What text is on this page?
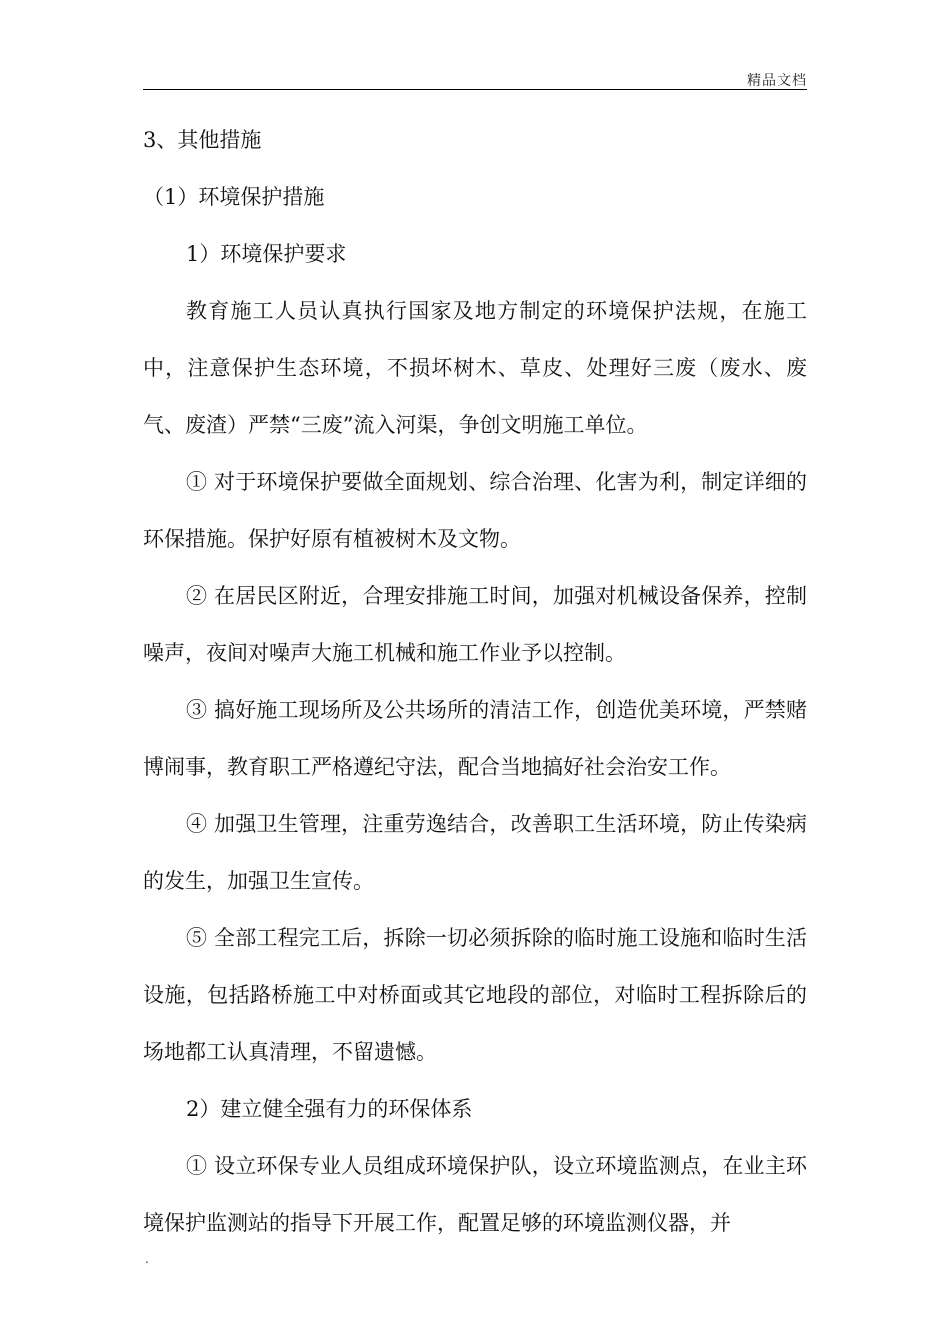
精品文档

3、其他措施

（1）环境保护措施

1）环境保护要求

教育施工人员认真执行国家及地方制定的环境保护法规，在施工中，注意保护生态环境，不损坏树木、草皮、处理好三废（废水、废气、废渣）严禁“三废”流入河渠，争创文明施工单位。

① 对于环境保护要做全面规划、综合治理、化害为利，制定详细的环保措施。保护好原有植被树木及文物。

② 在居民区附近，合理安排施工时间，加强对机械设备保养，控制噪声，夜间对噪声大施工机械和施工作业予以控制。

③ 搞好施工现场所及公共场所的清洁工作，创造优美环境，严禁赌博闹事，教育职工严格遵纪守法，配合当地搞好社会治安工作。

④ 加强卫生管理，注重劳逸结合，改善职工生活环境，防止传染病的发生，加强卫生宣传。

⑤ 全部工程完工后，拆除一切必须拆除的临时施工设施和临时生活设施，包括路桥施工中对桥面或其它地段的部位，对临时工程拆除后的场地都工认真清理，不留遗憾。

2）建立健全强有力的环保体系

① 设立环保专业人员组成环境保护队，设立环境监测点，在业主环境保护监测站的指导下开展工作，配置足够的环境监测仪器，并

.
